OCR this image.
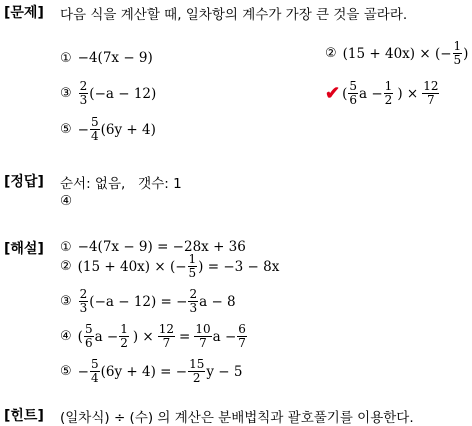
[문제] 다음 식을 계산할 때, 일차항의 계수가 가장 큰 것을 골라라.
① −4(7x − 9)	② (15 + 40x) × (− $\frac{1}{5}$ )
③ $\frac{2}{3} (-a - 12)$	✔ ( $\frac{5}{6}$ $a - \frac{1}{2}$ ) × $\frac{12}{7}$
⑤ − $\frac{5}{4} (6y + 4)$
[정답] 순서: 없음,   갯수: 1
④
[해설] ① −4(7x − 9) = −28x + 36
② (15 + 40x) × (− $\frac{1}{5}$ ) = −3 − 8x
③ $\frac{2}{3} (-a - 12)$ = − $\frac{2}{3}$ a − 8
④ ( $\frac{5}{6}$ $a - \frac{1}{2}$ ) × $\frac{12}{7} = \frac{10}{7}$ $a - \frac{6}{7}$
⑤ − $\frac{5}{4} (6y + 4)$ = − $\frac{15}{2}$ y − 5
[힌트] (일차식) ÷ (수) 의 계산은 분배법칙과 괄호풀기를 이용한다.
